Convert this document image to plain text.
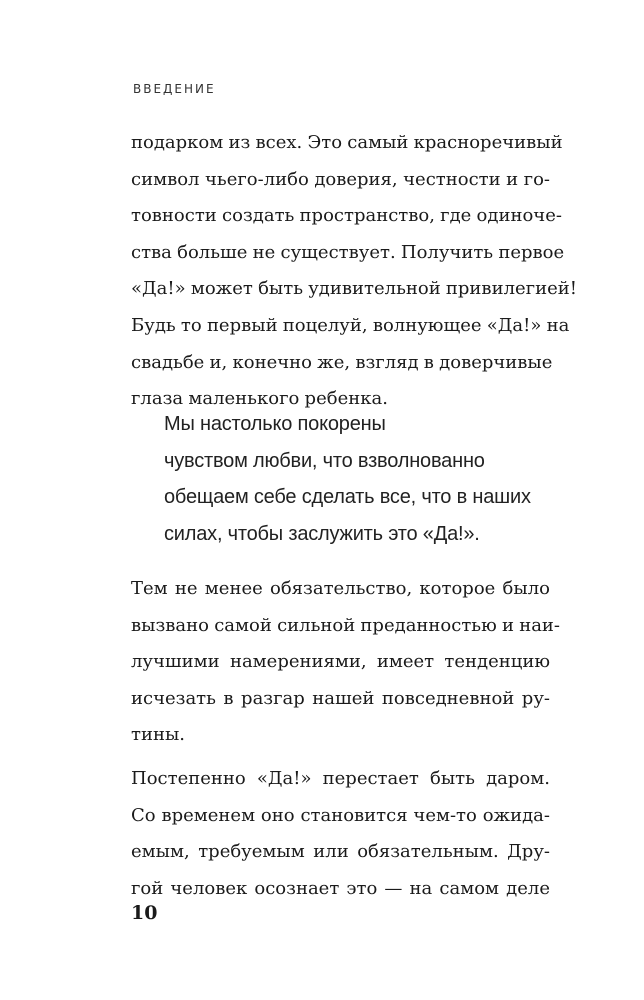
ВВЕДЕНИЕ

подарком из всех. Это самый красноречивый
символ чьего-либо доверия, честности и го-
товности создать пространство, где одиноче-
ства больше не существует. Получить первое
«Да!» может быть удивительной привилегией!
Будь то первый поцелуй, волнующее «Да!» на
свадьбе и, конечно же, взгляд в доверчивые
глаза маленького ребенка.

Мы настолько покорены
чувством любви, что взволнованно
обещаем себе сделать все, что в наших
силах, чтобы заслужить это «Да!».

Тем не менее обязательство, которое было
вызвано самой сильной преданностью и наи-
лучшими намерениями, имеет тенденцию
исчезать в разгар нашей повседневной ру-
тины.

Постепенно «Да!» перестает быть даром.
Со временем оно становится чем-то ожида-
емым, требуемым или обязательным. Дру-
гой человек осознает это — на самом деле

10
